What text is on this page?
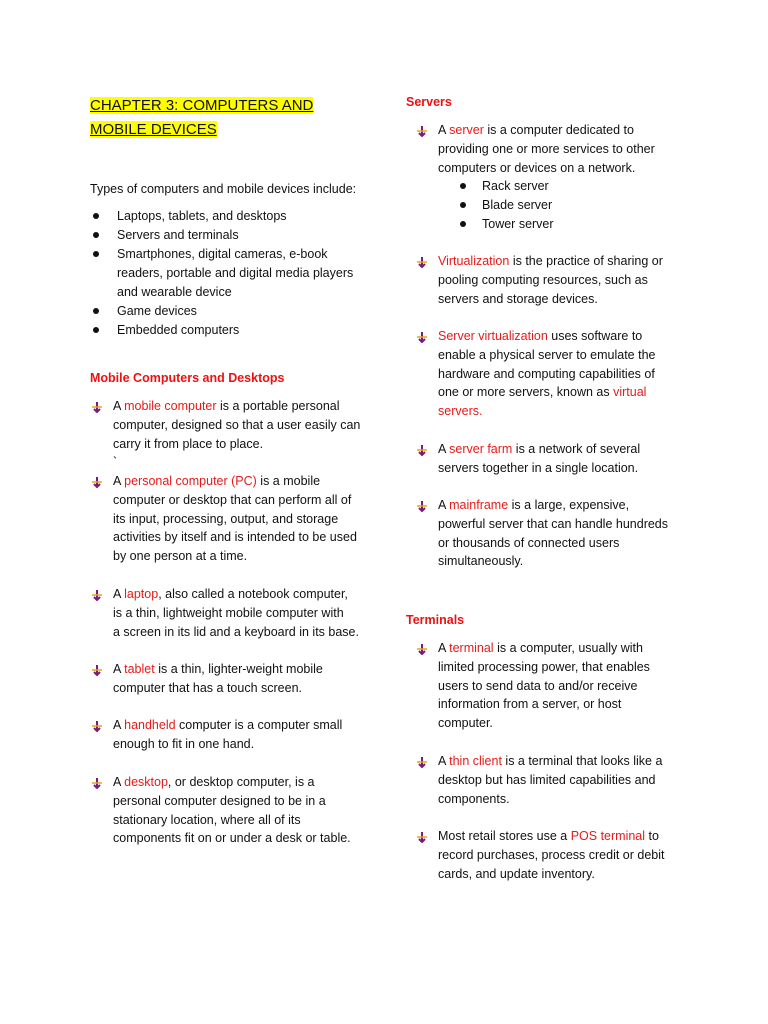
CHAPTER 3: COMPUTERS AND
MOBILE DEVICES
Types of computers and mobile devices include:
Laptops, tablets, and desktops
Servers and terminals
Smartphones, digital cameras, e-book
readers, portable and digital media players
and wearable device
Game devices
Embedded computers
Mobile Computers and Desktops
A mobile computer is a portable personal
computer, designed so that a user easily can
carry it from place to place.
`
A personal computer (PC) is a mobile
computer or desktop that can perform all of
its input, processing, output, and storage
activities by itself and is intended to be used
by one person at a time.
A laptop, also called a notebook computer,
is a thin, lightweight mobile computer with
a screen in its lid and a keyboard in its base.
A tablet is a thin, lighter-weight mobile
computer that has a touch screen.
A handheld computer is a computer small
enough to fit in one hand.
A desktop, or desktop computer, is a
personal computer designed to be in a
stationary location, where all of its
components fit on or under a desk or table.
Servers
A server is a computer dedicated to
providing one or more services to other
computers or devices on a network.
Rack server
Blade server
Tower server
Virtualization is the practice of sharing or
pooling computing resources, such as
servers and storage devices.
Server virtualization uses software to
enable a physical server to emulate the
hardware and computing capabilities of
one or more servers, known as virtual
servers.
A server farm is a network of several
servers together in a single location.
A mainframe is a large, expensive,
powerful server that can handle hundreds
or thousands of connected users
simultaneously.
Terminals
A terminal is a computer, usually with
limited processing power, that enables
users to send data to and/or receive
information from a server, or host
computer.
A thin client is a terminal that looks like a
desktop but has limited capabilities and
components.
Most retail stores use a POS terminal to
record purchases, process credit or debit
cards, and update inventory.
